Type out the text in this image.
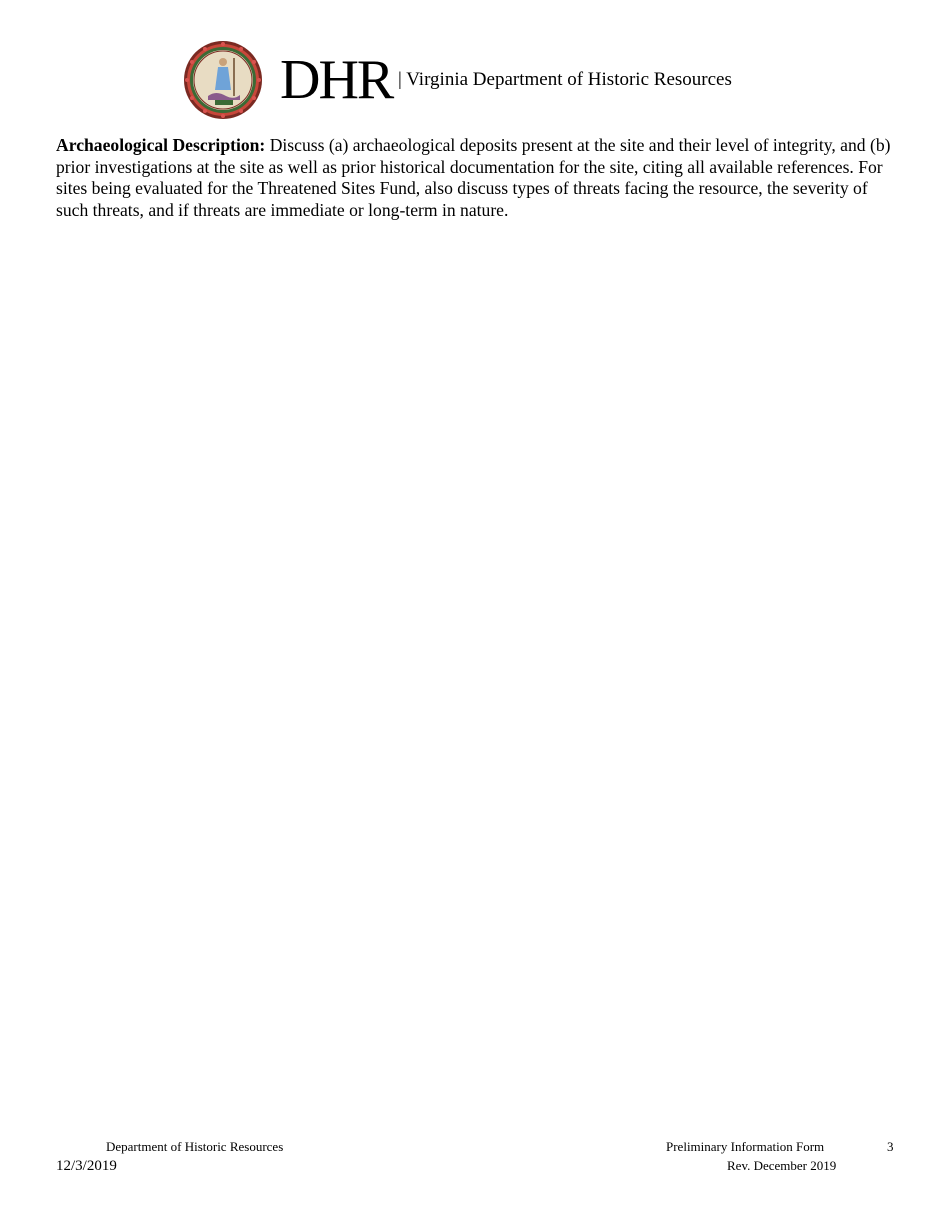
DHR | Virginia Department of Historic Resources

Archaeological Description: Discuss (a) archaeological deposits present at the site and their level of integrity, and (b) prior investigations at the site as well as prior historical documentation for the site, citing all available references. For sites being evaluated for the Threatened Sites Fund, also discuss types of threats facing the resource, the severity of such threats, and if threats are immediate or long-term in nature.

Department of Historic Resources
12/3/2019
Preliminary Information Form	3
Rev. December 2019
